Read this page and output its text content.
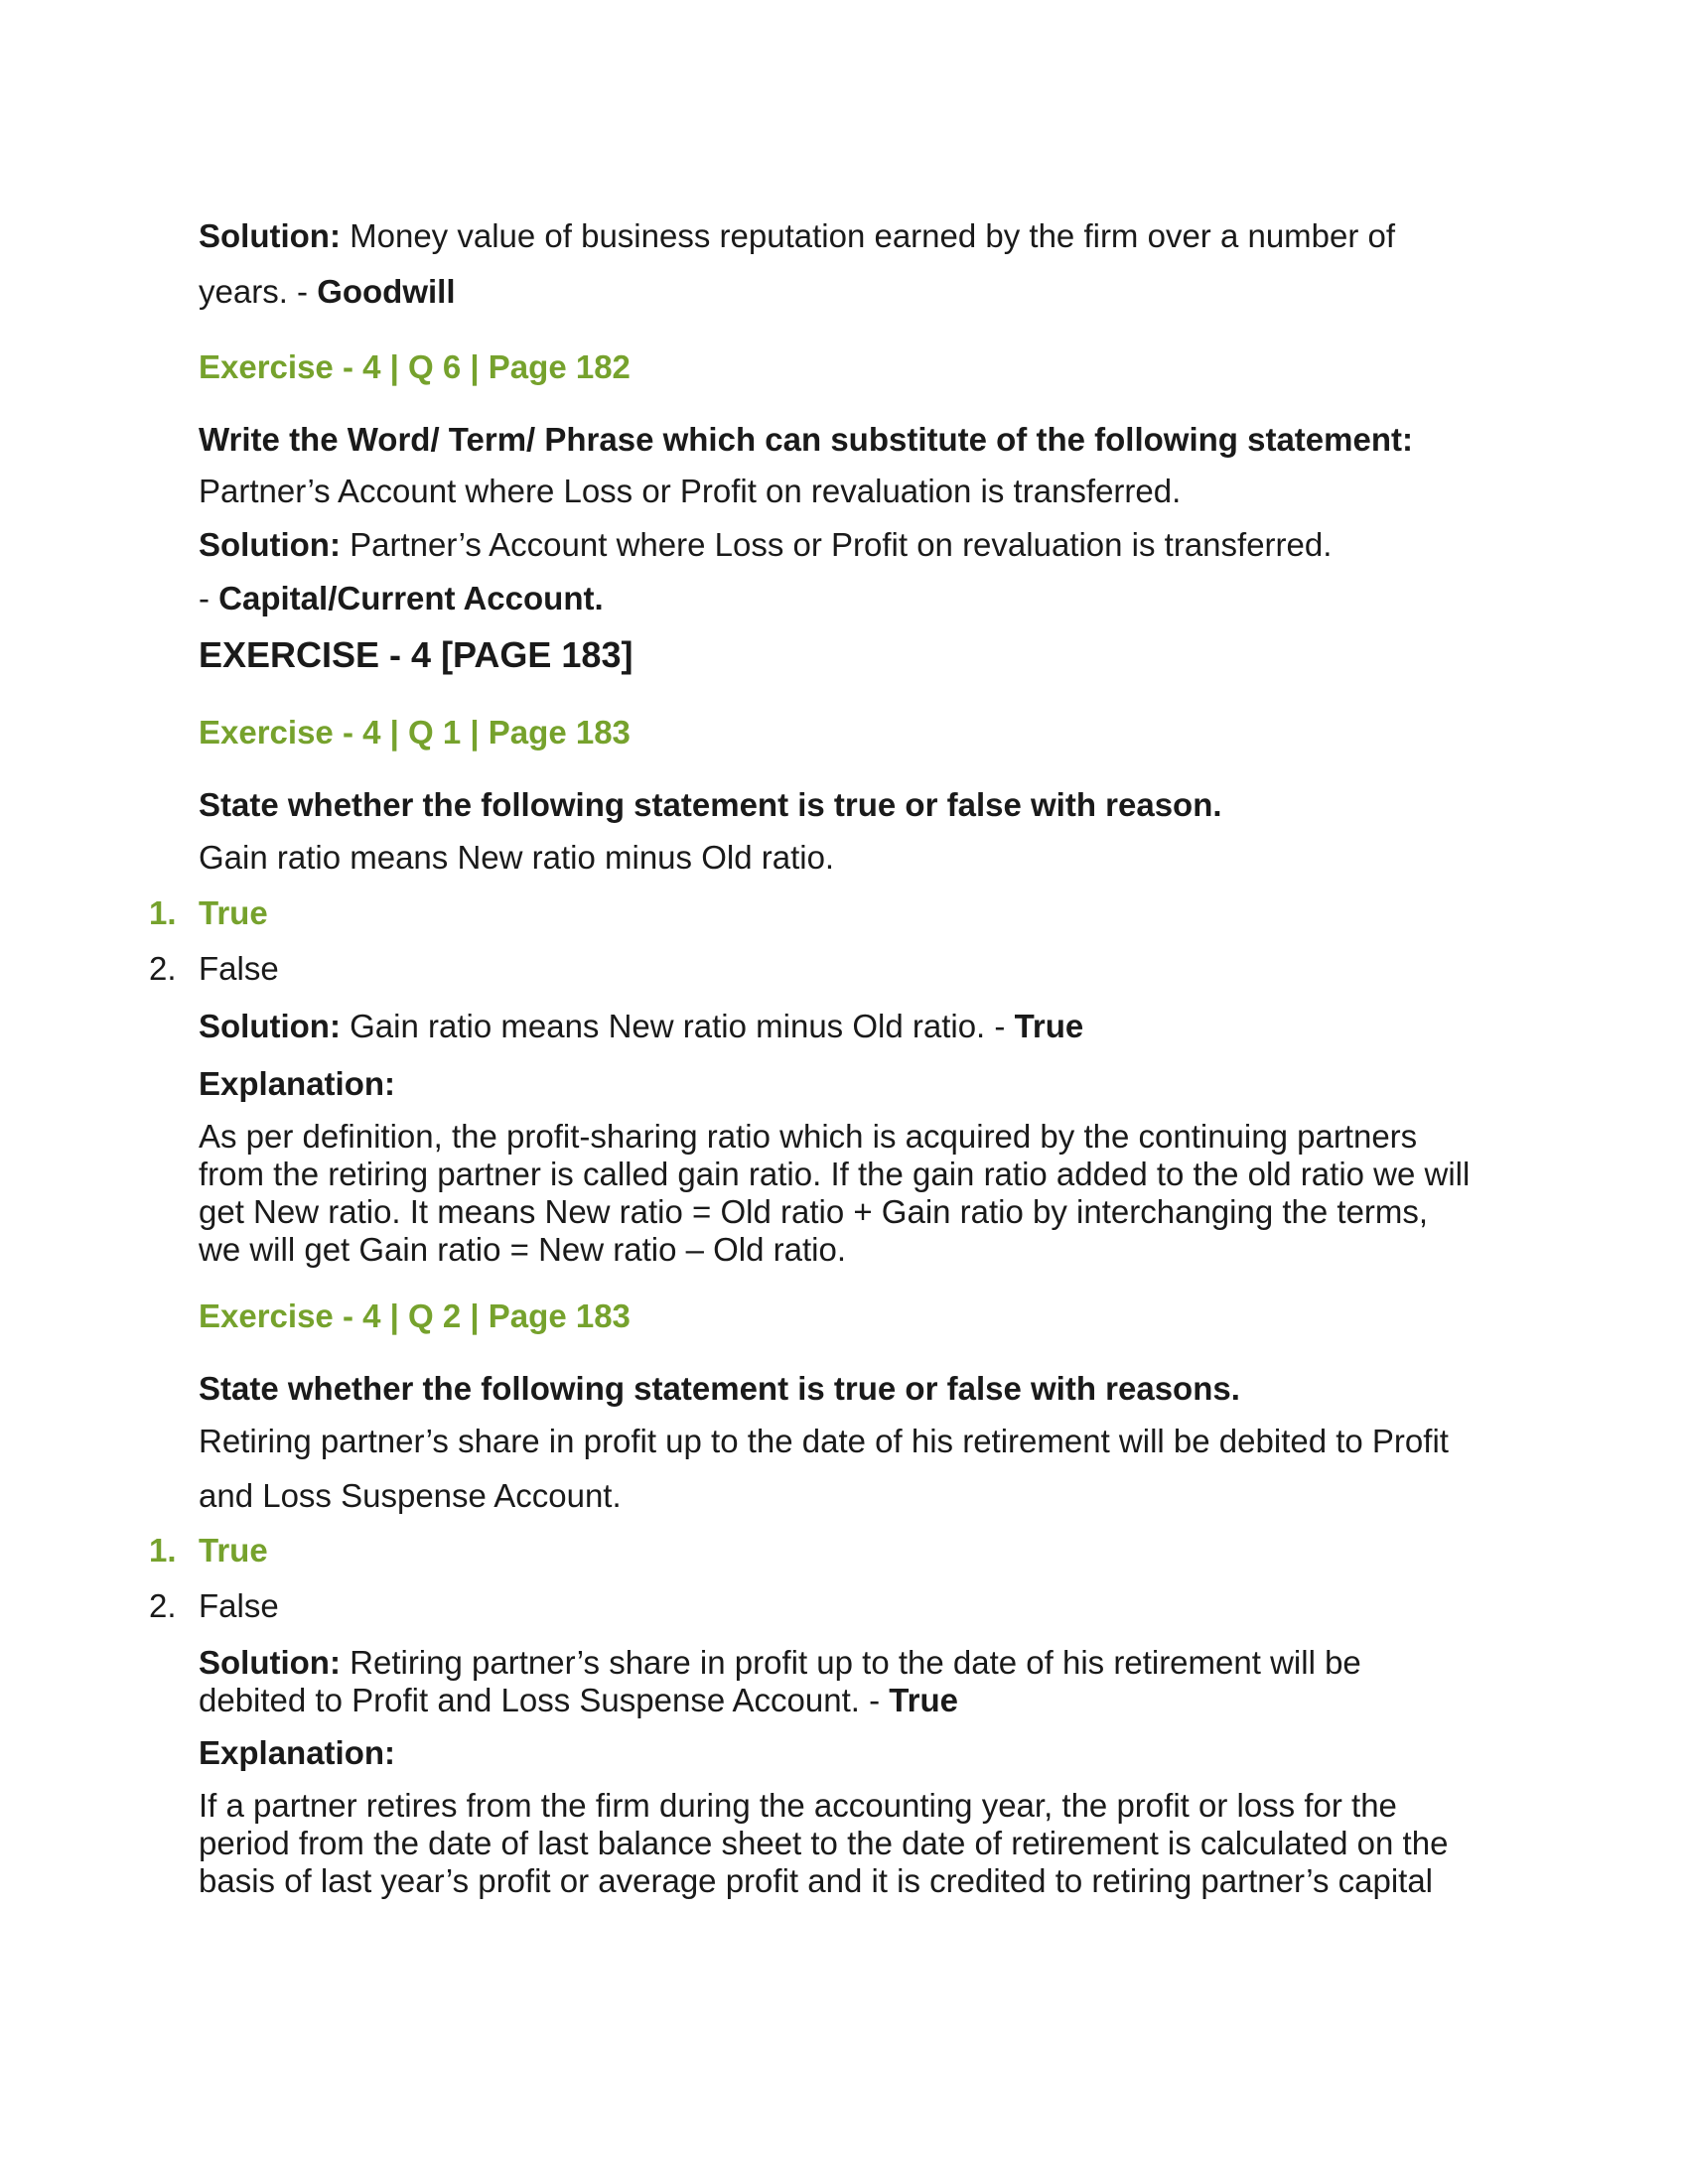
Solution: Money value of business reputation earned by the firm over a number of

years. - Goodwill

Exercise - 4 | Q 6 | Page 182

Write the Word/ Term/ Phrase which can substitute of the following statement:

Partner’s Account where Loss or Profit on revaluation is transferred.

Solution: Partner’s Account where Loss or Profit on revaluation is transferred.

- Capital/Current Account.

EXERCISE - 4 [PAGE 183]

Exercise - 4 | Q 1 | Page 183

State whether the following statement is true or false with reason.

Gain ratio means New ratio minus Old ratio.

1. True

2. False

Solution: Gain ratio means New ratio minus Old ratio. - True

Explanation:

As per definition, the profit-sharing ratio which is acquired by the continuing partners

from the retiring partner is called gain ratio. If the gain ratio added to the old ratio we will

get New ratio. It means New ratio = Old ratio + Gain ratio by interchanging the terms,

we will get Gain ratio = New ratio – Old ratio.

Exercise - 4 | Q 2 | Page 183

State whether the following statement is true or false with reasons.

Retiring partner’s share in profit up to the date of his retirement will be debited to Profit

and Loss Suspense Account.

1. True

2. False

Solution: Retiring partner’s share in profit up to the date of his retirement will be

debited to Profit and Loss Suspense Account. - True

Explanation:

If a partner retires from the firm during the accounting year, the profit or loss for the

period from the date of last balance sheet to the date of retirement is calculated on the

basis of last year’s profit or average profit and it is credited to retiring partner’s capital
